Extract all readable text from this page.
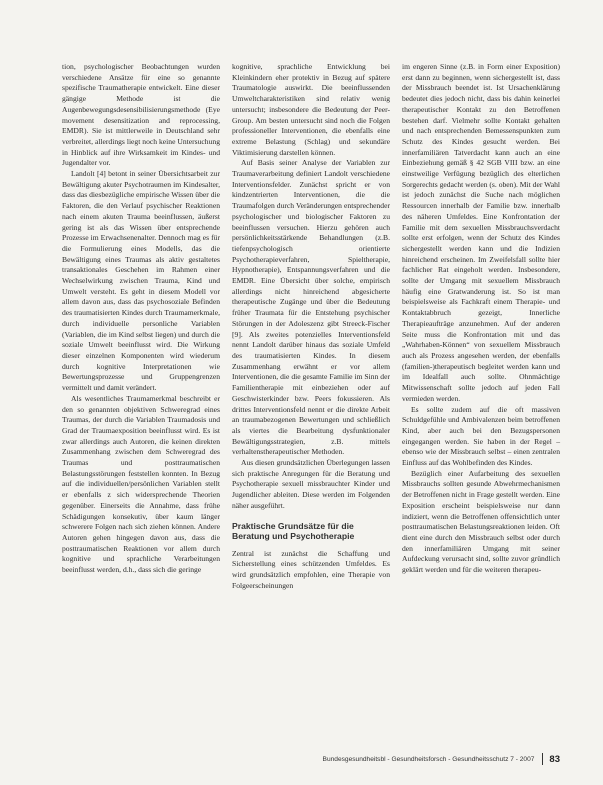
tion, psychologischer Beobachtungen wurden verschiedene Ansätze für eine so genannte spezifische Traumatherapie entwickelt. Eine dieser gängige Methode ist die Augenbewegungsdesensibilisierungsmethode (Eye movement desensitization and reprocessing, EMDR). Sie ist mittlerweile in Deutschland sehr verbreitet, allerdings liegt noch keine Untersuchung in Hinblick auf ihre Wirksamkeit im Kindes- und Jugendalter vor.

Landolt [4] betont in seiner Übersichtsarbeit zur Bewältigung akuter Psychotraumen im Kindesalter, dass das diesbezügliche empirische Wissen über die Faktoren, die den Verlauf psychischer Reaktionen nach einem akuten Trauma beeinflussen, äußerst gering ist als das Wissen über entsprechende Prozesse im Erwachsenenalter. Dennoch mag es für die Formulierung eines Modells, das die Bewältigung eines Traumas als aktiv gestaltetes transaktionales Geschehen im Rahmen einer Wechselwirkung zwischen Trauma, Kind und Umwelt versteht. Es geht in diesem Modell vor allem davon aus, dass das psychosoziale Befinden des traumatisierten Kindes durch Traumamerkmale, durch individuelle personliche Variablen (Variablen, die im Kind selbst liegen) und durch die soziale Umwelt beeinflusst wird. Die Wirkung dieser einzelnen Komponenten wird wiederum durch kognitive Interpretationen wie Bewertungsprozesse und Gruppengrenzen vermittelt und damit verändert.

Als wesentliches Traumamerkmal beschreibt er den so genannten objektiven Schweregrad eines Traumas, der durch die Variablen Traumadosis und Grad der Traumaexposition beeinflusst wird. Es ist zwar allerdings auch Autoren, die keinen direkten Zusammenhang zwischen dem Schweregrad des Traumas und posttraumatischen Belastungsstörungen feststellen konnten. In Bezug auf die individuellen/persönlichen Variablen stellt er ebenfalls z sich widersprechende Theorien gegenüber. Einerseits die Annahme, dass frühe Schädigungen konsekutiv, über kaum länger schwerere Folgen nach sich ziehen können. Andere Autoren gehen hingegen davon aus, dass die posttraumatischen Reaktionen vor allem durch kognitive und sprachliche Verarbeitungen beeinflusst werden, d.h., dass sich die geringe

kognitive, sprachliche Entwicklung bei Kleinkindern eher protektiv in Bezug auf spätere Traumatologie auswirkt. Die beeinflussenden Umweltcharakteristiken sind relativ wenig untersucht; insbesondere die Bedeutung der Peer-Group. Am besten untersucht sind noch die Folgen professioneller Interventionen, die ebenfalls eine extreme Belastung (Schlag) und sekundäre Viktimisierung darstellen können.

Auf Basis seiner Analyse der Variablen zur Traumaverarbeitung definiert Landolt verschiedene Interventionsfelder. Zunächst spricht er von kindzentrierten Interventionen, die die Traumafolgen durch Veränderungen entsprechender psychologischer und biologischer Faktoren zu beeinflussen versuchen. Hierzu gehören auch persönlichkeitsstärkende Behandlungen (z.B. tiefenpsychologisch orientierte Psychotherapieverfahren, Spieltherapie, Hypnotherapie), Entspannungsverfahren und die EMDR. Eine Übersicht über solche, empirisch allerdings nicht hinreichend abgesicherte therapeutische Zugänge und über die Bedeutung früher Traumata für die Entstehung psychischer Störungen in der Adoleszenz gibt Streeck-Fischer [9]. Als zweites potenzielles Interventionsfeld nennt Landolt darüber hinaus das soziale Umfeld des traumatisierten Kindes. In diesem Zusammenhang erwähnt er vor allem Interventionen, die die gesamte Familie im Sinn der Familientherapie mit einbeziehen oder auf Geschwisterkinder bzw. Peers fokussieren. Als drittes Interventionsfeld nennt er die direkte Arbeit an traumabezogenen Bewertungen und schließlich als viertes die Bearbeitung dysfunktionaler Bewältigungsstrategien, z.B. mittels verhaltenstherapeutischer Methoden.

Aus diesen grundsätzlichen Überlegungen lassen sich praktische Anregungen für die Beratung und Psychotherapie sexuell missbrauchter Kinder und Jugendlicher ableiten. Diese werden im Folgenden näher ausgeführt.

Praktische Grundsätze für die Beratung und Psychotherapie

Zentral ist zunächst die Schaffung und Sicherstellung eines schützenden Umfeldes. Es wird grundsätzlich empfohlen, eine Therapie von Folgeerscheinungen

im engeren Sinne (z.B. in Form einer Exposition) erst dann zu beginnen, wenn sichergestellt ist, dass der Missbrauch beendet ist. Ist Ursachenklärung bedeutet dies jedoch nicht, dass bis dahin keinerlei therapeutischer Kontakt zu den Betroffenen bestehen darf. Vielmehr sollte Kontakt gehalten und nach entsprechenden Bemessenspunkten zum Schutz des Kindes gesucht werden. Bei innerfamiliären Tatverdacht kann auch an eine Einbeziehung gemäß § 42 SGB VIII bzw. an eine einstweilige Verfügung bezüglich des elterlichen Sorgerechts gedacht werden (s. oben). Mit der Wahl ist jedoch zunächst die Suche nach möglichen Ressourcen innerhalb der Familie bzw. innerhalb des näheren Umfeldes. Eine Konfrontation der Familie mit dem sexuellen Missbrauchsverdacht sollte erst erfolgen, wenn der Schutz des Kindes sichergestellt werden kann und die Indizien hinreichend erscheinen. Im Zweifelsfall sollte hier fachlicher Rat eingeholt werden. Insbesondere, sollte der Umgang mit sexuellem Missbrauch häufig eine Gratwanderung ist. So ist man beispielsweise als Fachkraft einem Therapie- und Kontaktabbruch gezeigt, Innerliche Therapieaufträge anzunehmen. Auf der anderen Seite muss die Konfrontation mit und das „Wahrhaben-Können“ von sexuellem Missbrauch auch als Prozess angesehen werden, der ebenfalls (familien-)therapeutisch begleitet werden kann und im Idealfall auch sollte. Ohnmächtige Mitwissenschaft sollte jedoch auf jeden Fall vermieden werden.

Es sollte zudem auf die oft massiven Schuldgefühle und Ambivalenzen beim betroffenen Kind, aber auch bei den Bezugspersonen eingegangen werden. Sie haben in der Regel – ebenso wie der Missbrauch selbst – einen zentralen Einfluss auf das Wohlbefinden des Kindes.

Bezüglich einer Aufarbeitung des sexuellen Missbrauchs sollten gesunde Abwehrmechanismen der Betroffenen nicht in Frage gestellt werden. Eine Exposition erscheint beispielsweise nur dann indiziert, wenn die Betroffenen offensichtlich unter posttraumatischen Belastungsreaktionen leiden. Oft dient eine durch den Missbrauch selbst oder durch den innerfamiliären Umgang mit seiner Aufdeckung verursacht sind, sollte zuvor gründlich geklärt werden und für die weiteren therapeu-

Bundesgesundheitsbl - Gesundheitsforsch - Gesundheitsschutz 7 - 2007 83
